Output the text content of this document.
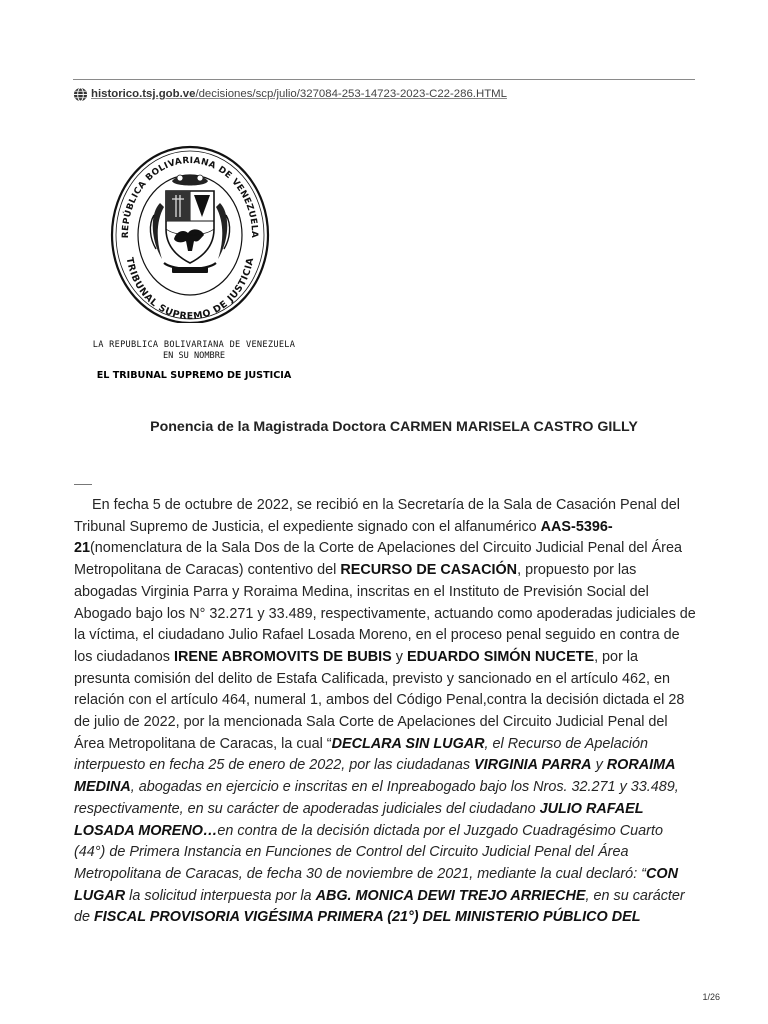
historico.tsj.gob.ve/decisiones/scp/julio/327084-253-14723-2023-C22-286.HTML
REPÚBLICA BOLIVARIANA DE VENEZUELA
TRIBUNAL SUPREMO DE JUSTICIA
LA REPUBLICA BOLIVARIANA DE VENEZUELA
EN SU NOMBRE
EL TRIBUNAL SUPREMO DE JUSTICIA
Ponencia de la Magistrada Doctora CARMEN MARISELA CASTRO GILLY

En fecha 5 de octubre de 2022, se recibió en la Secretaría de la Sala de Casación Penal del Tribunal Supremo de Justicia, el expediente signado con el alfanumérico AAS-5396-21(nomenclatura de la Sala Dos de la Corte de Apelaciones del Circuito Judicial Penal del Área Metropolitana de Caracas) contentivo del RECURSO DE CASACIÓN, propuesto por las abogadas Virginia Parra y Roraima Medina, inscritas en el Instituto de Previsión Social del Abogado bajo los N° 32.271 y 33.489, respectivamente, actuando como apoderadas judiciales de la víctima, el ciudadano Julio Rafael Losada Moreno, en el proceso penal seguido en contra de los ciudadanos IRENE ABROMOVITS DE BUBIS y EDUARDO SIMÓN NUCETE, por la presunta comisión del delito de Estafa Calificada, previsto y sancionado en el artículo 462, en relación con el artículo 464, numeral 1, ambos del Código Penal,contra la decisión dictada el 28 de julio de 2022, por la mencionada Sala Corte de Apelaciones del Circuito Judicial Penal del Área Metropolitana de Caracas, la cual “DECLARA SIN LUGAR, el Recurso de Apelación interpuesto en fecha 25 de enero de 2022, por las ciudadanas VIRGINIA PARRA y RORAIMA MEDINA, abogadas en ejercicio e inscritas en el Inpreabogado bajo los Nros. 32.271 y 33.489, respectivamente, en su carácter de apoderadas judiciales del ciudadano JULIO RAFAEL LOSADA MORENO…en contra de la decisión dictada por el Juzgado Cuadragésimo Cuarto (44°) de Primera Instancia en Funciones de Control del Circuito Judicial Penal del Área Metropolitana de Caracas, de fecha 30 de noviembre de 2021, mediante la cual declaró: “CON LUGAR la solicitud interpuesta por la ABG. MONICA DEWI TREJO ARRIECHE, en su carácter de FISCAL PROVISORIA VIGÉSIMA PRIMERA (21°) DEL MINISTERIO PÚBLICO DEL

1/26
